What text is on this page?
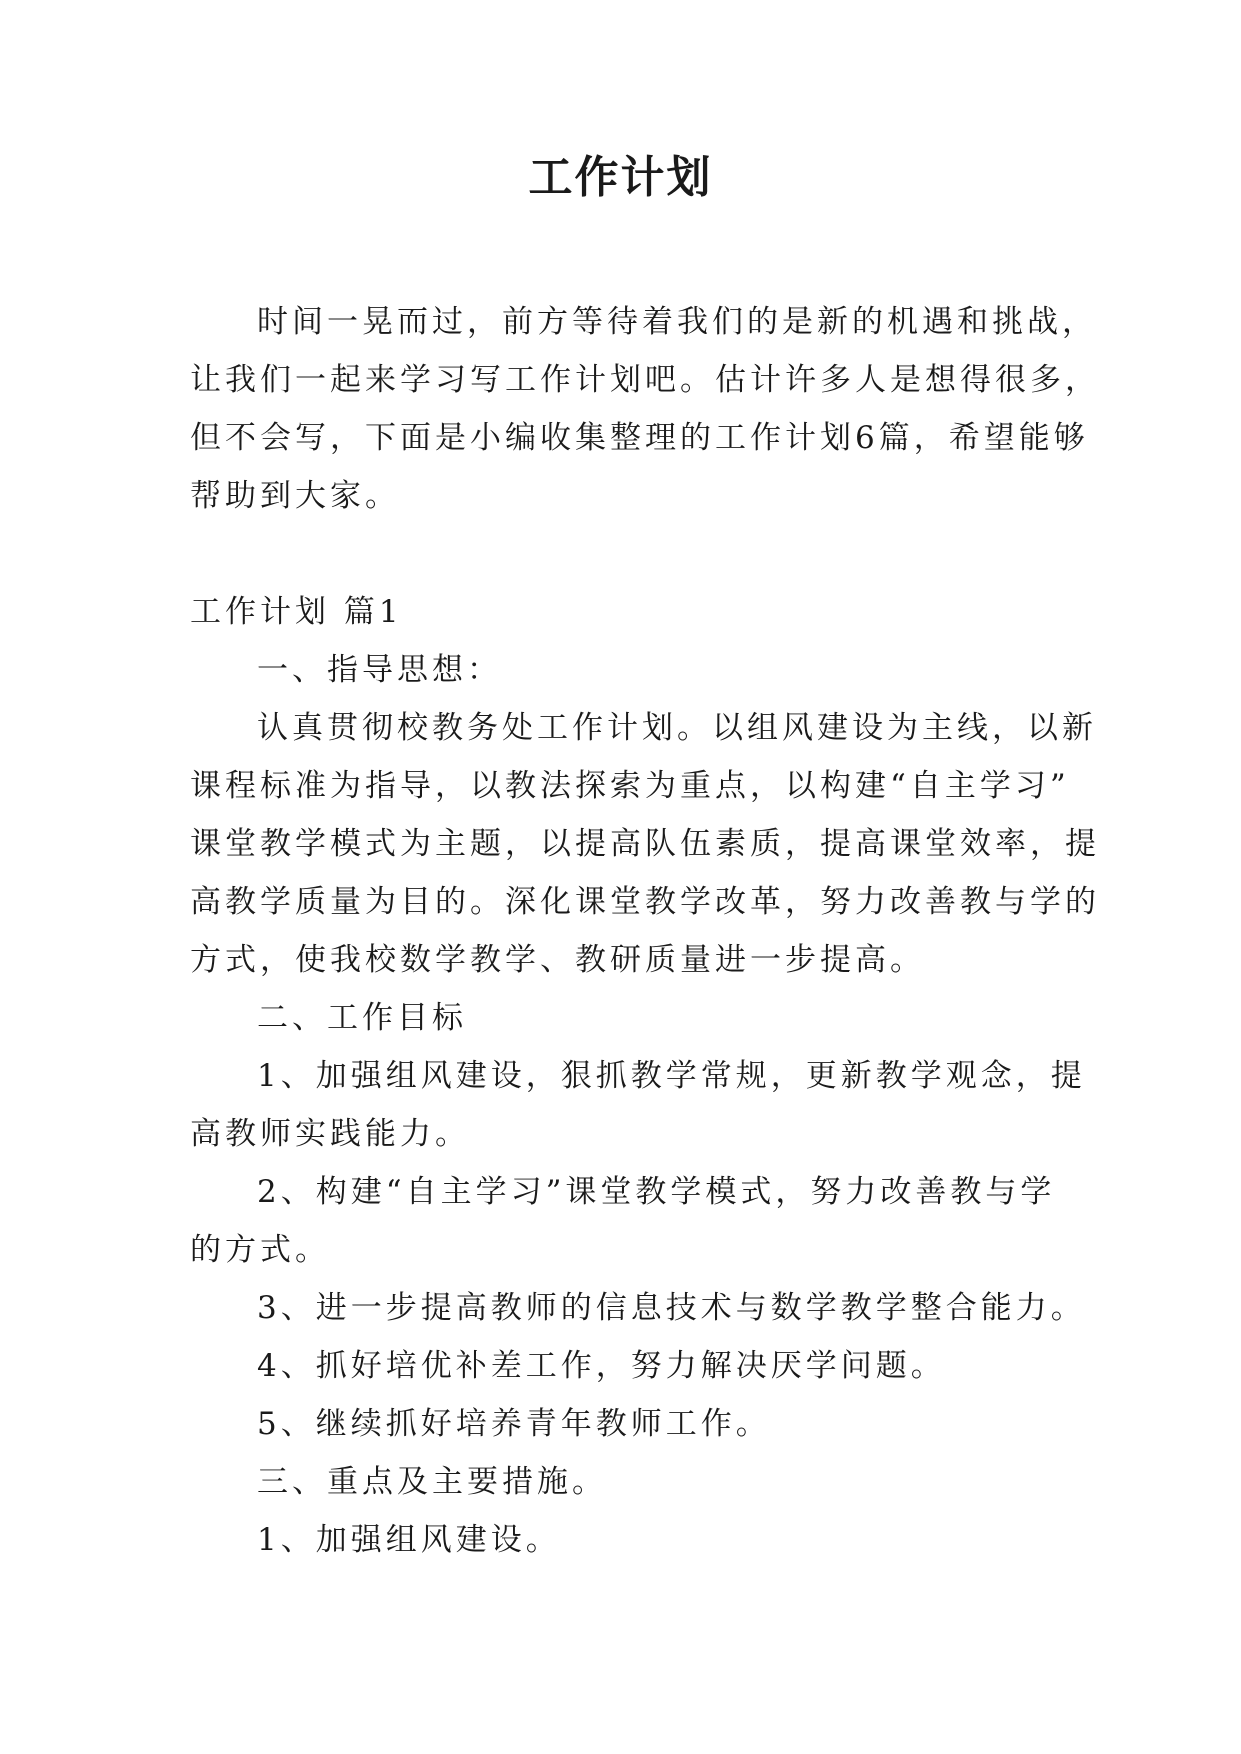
工作计划
时间一晃而过，前方等待着我们的是新的机遇和挑战，
让我们一起来学习写工作计划吧。估计许多人是想得很多，
但不会写，下面是小编收集整理的工作计划6篇，希望能够
帮助到大家。
工作计划 篇1
一、指导思想：
认真贯彻校教务处工作计划。以组风建设为主线，以新
课程标准为指导，以教法探索为重点，以构建“自主学习”
课堂教学模式为主题，以提高队伍素质，提高课堂效率，提
高教学质量为目的。深化课堂教学改革，努力改善教与学的
方式，使我校数学教学、教研质量进一步提高。
二、工作目标
1、加强组风建设，狠抓教学常规，更新教学观念，提
高教师实践能力。
2、构建“自主学习”课堂教学模式，努力改善教与学
的方式。
3、进一步提高教师的信息技术与数学教学整合能力。
4、抓好培优补差工作，努力解决厌学问题。
5、继续抓好培养青年教师工作。
三、重点及主要措施。
1、加强组风建设。
